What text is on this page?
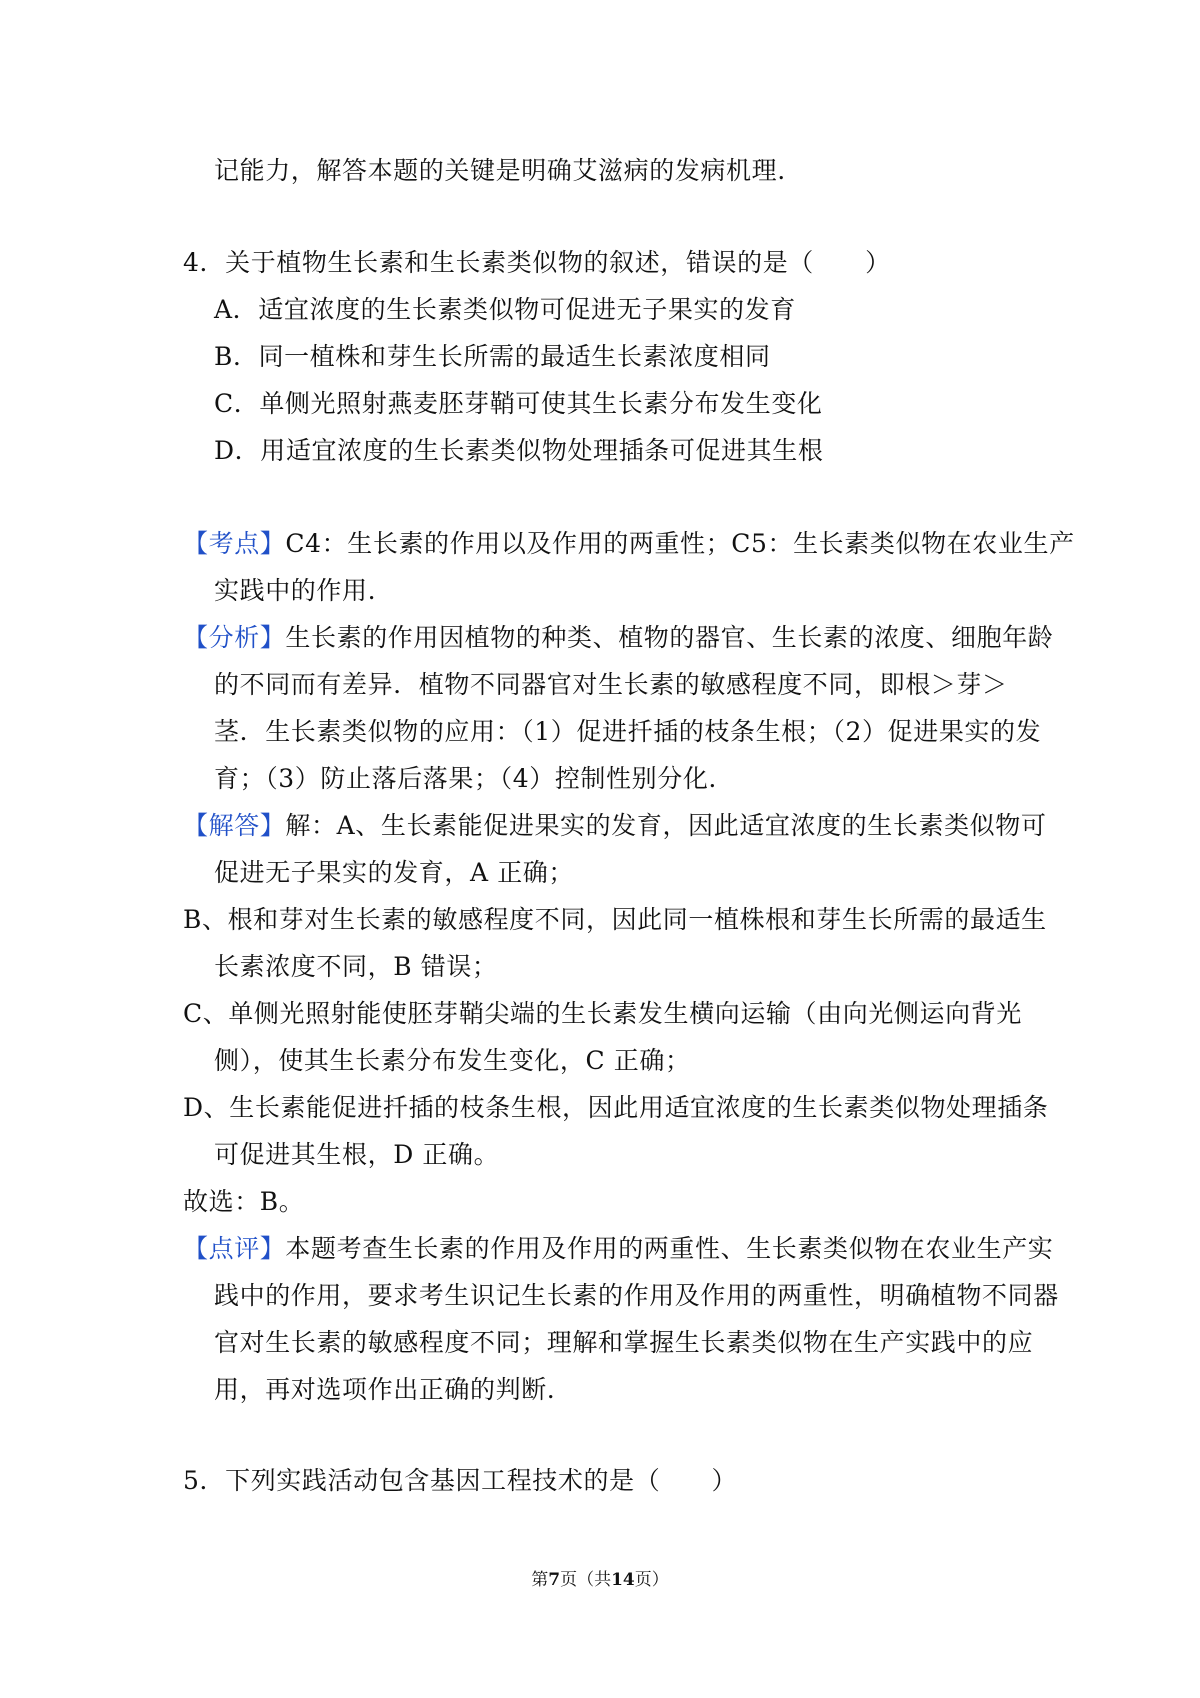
记能力，解答本题的关键是明确艾滋病的发病机理.
4．关于植物生长素和生长素类似物的叙述，错误的是（　　）
A．适宜浓度的生长素类似物可促进无子果实的发育
B．同一植株和芽生长所需的最适生长素浓度相同
C．单侧光照射燕麦胚芽鞘可使其生长素分布发生变化
D．用适宜浓度的生长素类似物处理插条可促进其生根
【考点】C4：生长素的作用以及作用的两重性；C5：生长素类似物在农业生产
实践中的作用.
【分析】生长素的作用因植物的种类、植物的器官、生长素的浓度、细胞年龄
的不同而有差异．植物不同器官对生长素的敏感程度不同，即根＞芽＞
茎．生长素类似物的应用：（1）促进扦插的枝条生根；（2）促进果实的发
育；（3）防止落后落果；（4）控制性别分化.
【解答】解：A、生长素能促进果实的发育，因此适宜浓度的生长素类似物可
促进无子果实的发育，A 正确；
B、根和芽对生长素的敏感程度不同，因此同一植株根和芽生长所需的最适生
长素浓度不同，B 错误；
C、单侧光照射能使胚芽鞘尖端的生长素发生横向运输（由向光侧运向背光
侧），使其生长素分布发生变化，C 正确；
D、生长素能促进扦插的枝条生根，因此用适宜浓度的生长素类似物处理插条
可促进其生根，D 正确。
故选：B。
【点评】本题考查生长素的作用及作用的两重性、生长素类似物在农业生产实
践中的作用，要求考生识记生长素的作用及作用的两重性，明确植物不同器
官对生长素的敏感程度不同；理解和掌握生长素类似物在生产实践中的应
用，再对选项作出正确的判断.
5．下列实践活动包含基因工程技术的是（　　）
第7页（共14页）
